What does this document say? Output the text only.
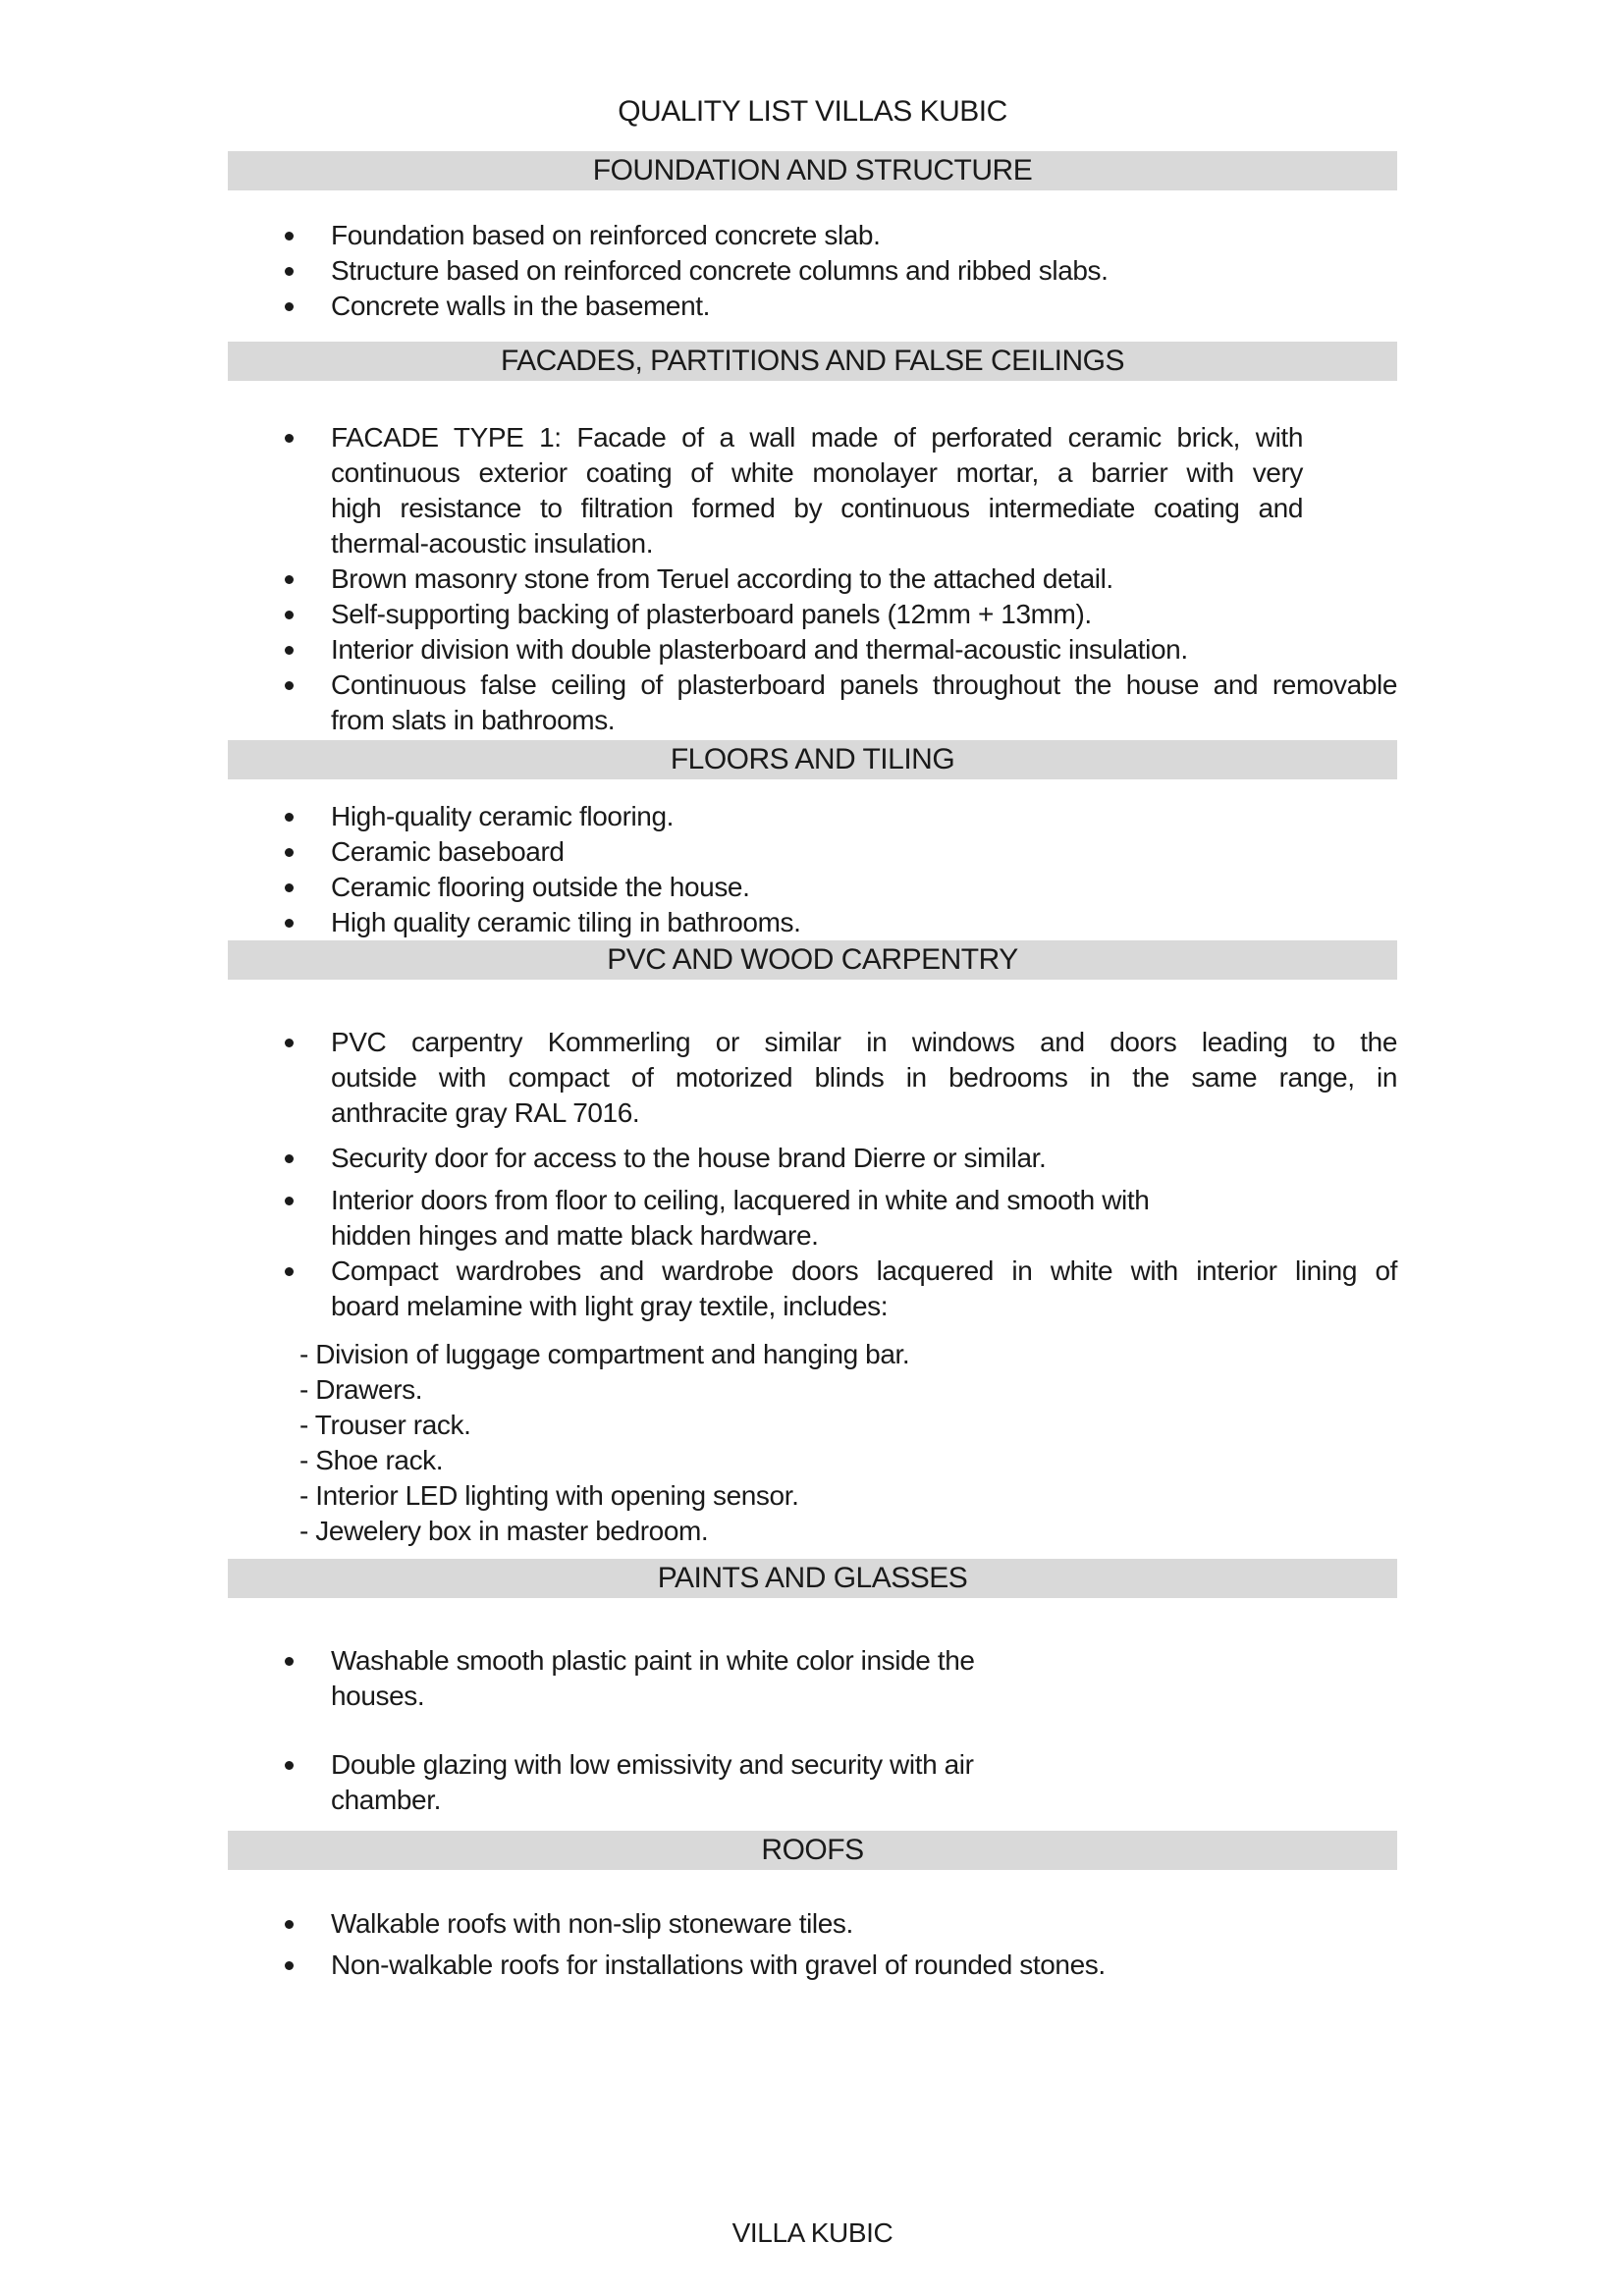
QUALITY LIST VILLAS KUBIC
FOUNDATION AND STRUCTURE
Foundation based on reinforced concrete slab.
Structure based on reinforced concrete columns and ribbed slabs.
Concrete walls in the basement.
FACADES, PARTITIONS AND FALSE CEILINGS
FACADE TYPE 1: Facade of a wall made of perforated ceramic brick, with
continuous exterior coating of white monolayer mortar, a barrier with very
high resistance to filtration formed by continuous intermediate coating and
thermal-acoustic insulation.
Brown masonry stone from Teruel according to the attached detail.
Self-supporting backing of plasterboard panels (12mm + 13mm).
Interior division with double plasterboard and thermal-acoustic insulation.
Continuous false ceiling of plasterboard panels throughout the house and removable
from slats in bathrooms.
FLOORS AND TILING
High-quality ceramic flooring.
Ceramic baseboard
Ceramic flooring outside the house.
High quality ceramic tiling in bathrooms.
PVC AND WOOD CARPENTRY
PVC carpentry Kommerling or similar in windows and doors leading to the
outside with compact of motorized blinds in bedrooms in the same range, in
anthracite gray RAL 7016.
Security door for access to the house brand Dierre or similar.
Interior doors from floor to ceiling, lacquered in white and smooth with
hidden hinges and matte black hardware.
Compact wardrobes and wardrobe doors lacquered in white with interior lining of
board melamine with light gray textile, includes:
- Division of luggage compartment and hanging bar.
- Drawers.
- Trouser rack.
- Shoe rack.
- Interior LED lighting with opening sensor.
- Jewelery box in master bedroom.
PAINTS AND GLASSES
Washable smooth plastic paint in white color inside the
houses.
Double glazing with low emissivity and security with air
chamber.
ROOFS
Walkable roofs with non-slip stoneware tiles.
Non-walkable roofs for installations with gravel of rounded stones.
VILLA KUBIC
